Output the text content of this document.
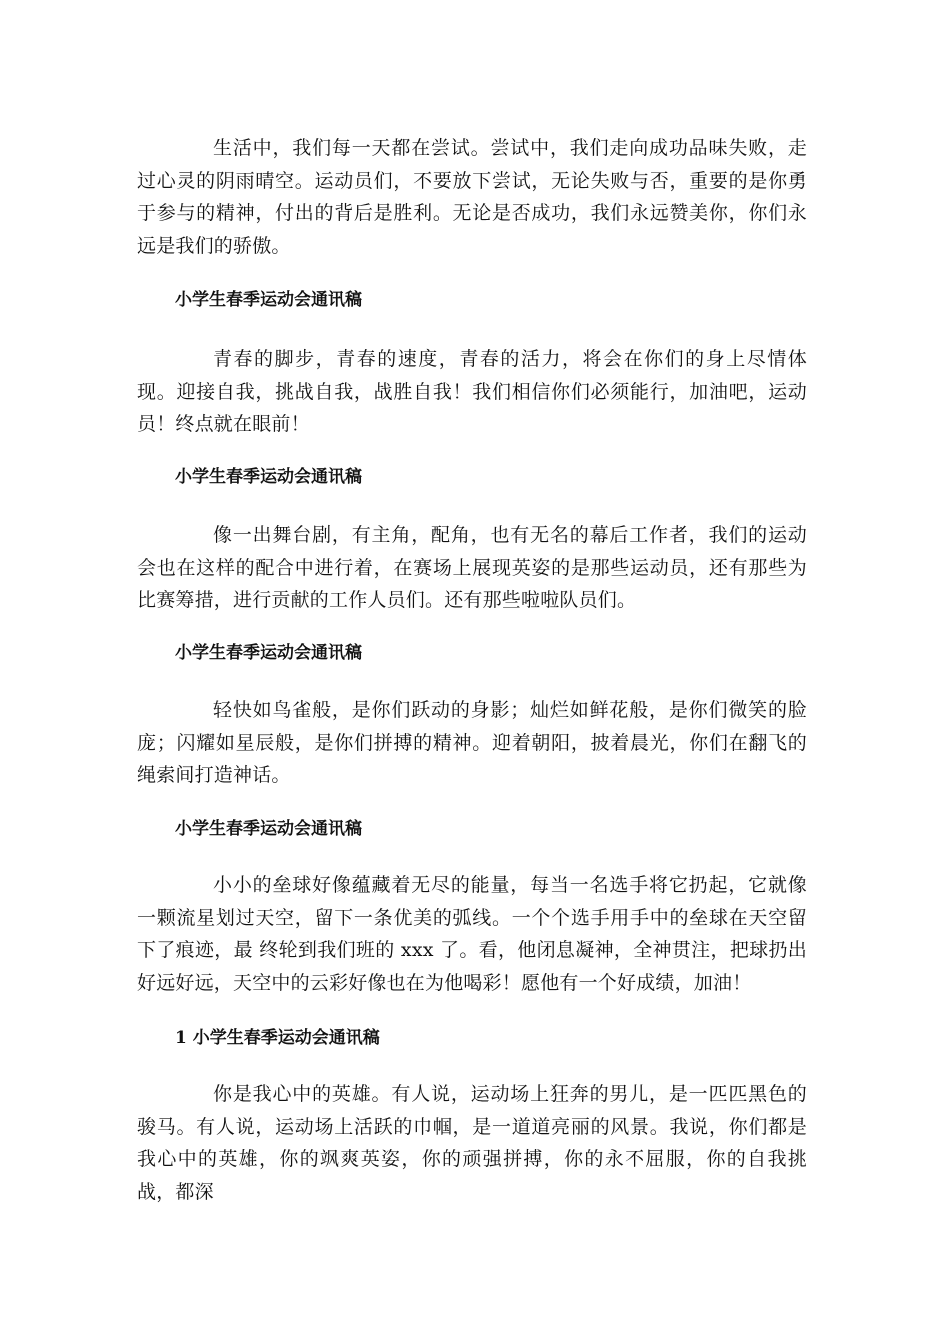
生活中，我们每一天都在尝试。尝试中，我们走向成功品味失败，走过心灵的阴雨晴空。运动员们，不要放下尝试，无论失败与否，重要的是你勇于参与的精神，付出的背后是胜利。无论是否成功，我们永远赞美你，你们永远是我们的骄傲。

小学生春季运动会通讯稿

青春的脚步，青春的速度，青春的活力，将会在你们的身上尽情体现。迎接自我，挑战自我，战胜自我！我们相信你们必须能行，加油吧，运动员！终点就在眼前！

小学生春季运动会通讯稿

像一出舞台剧，有主角，配角，也有无名的幕后工作者，我们的运动会也在这样的配合中进行着，在赛场上展现英姿的是那些运动员，还有那些为比赛筹措，进行贡献的工作人员们。还有那些啦啦队员们。

小学生春季运动会通讯稿

轻快如鸟雀般，是你们跃动的身影；灿烂如鲜花般，是你们微笑的脸庞；闪耀如星辰般，是你们拼搏的精神。迎着朝阳，披着晨光，你们在翻飞的绳索间打造神话。

小学生春季运动会通讯稿

小小的垒球好像蕴藏着无尽的能量，每当一名选手将它扔起，它就像一颗流星划过天空，留下一条优美的弧线。一个个选手用手中的垒球在天空留下了痕迹，最 终轮到我们班的 xxx 了。看，他闭息凝神，全神贯注，把球扔出好远好远，天空中的云彩好像也在为他喝彩！愿他有一个好成绩，加油！

1 小学生春季运动会通讯稿

你是我心中的英雄。有人说，运动场上狂奔的男儿，是一匹匹黑色的骏马。有人说，运动场上活跃的巾帼，是一道道亮丽的风景。我说，你们都是我心中的英雄，你的飒爽英姿，你的顽强拼搏，你的永不屈服，你的自我挑战，都深
